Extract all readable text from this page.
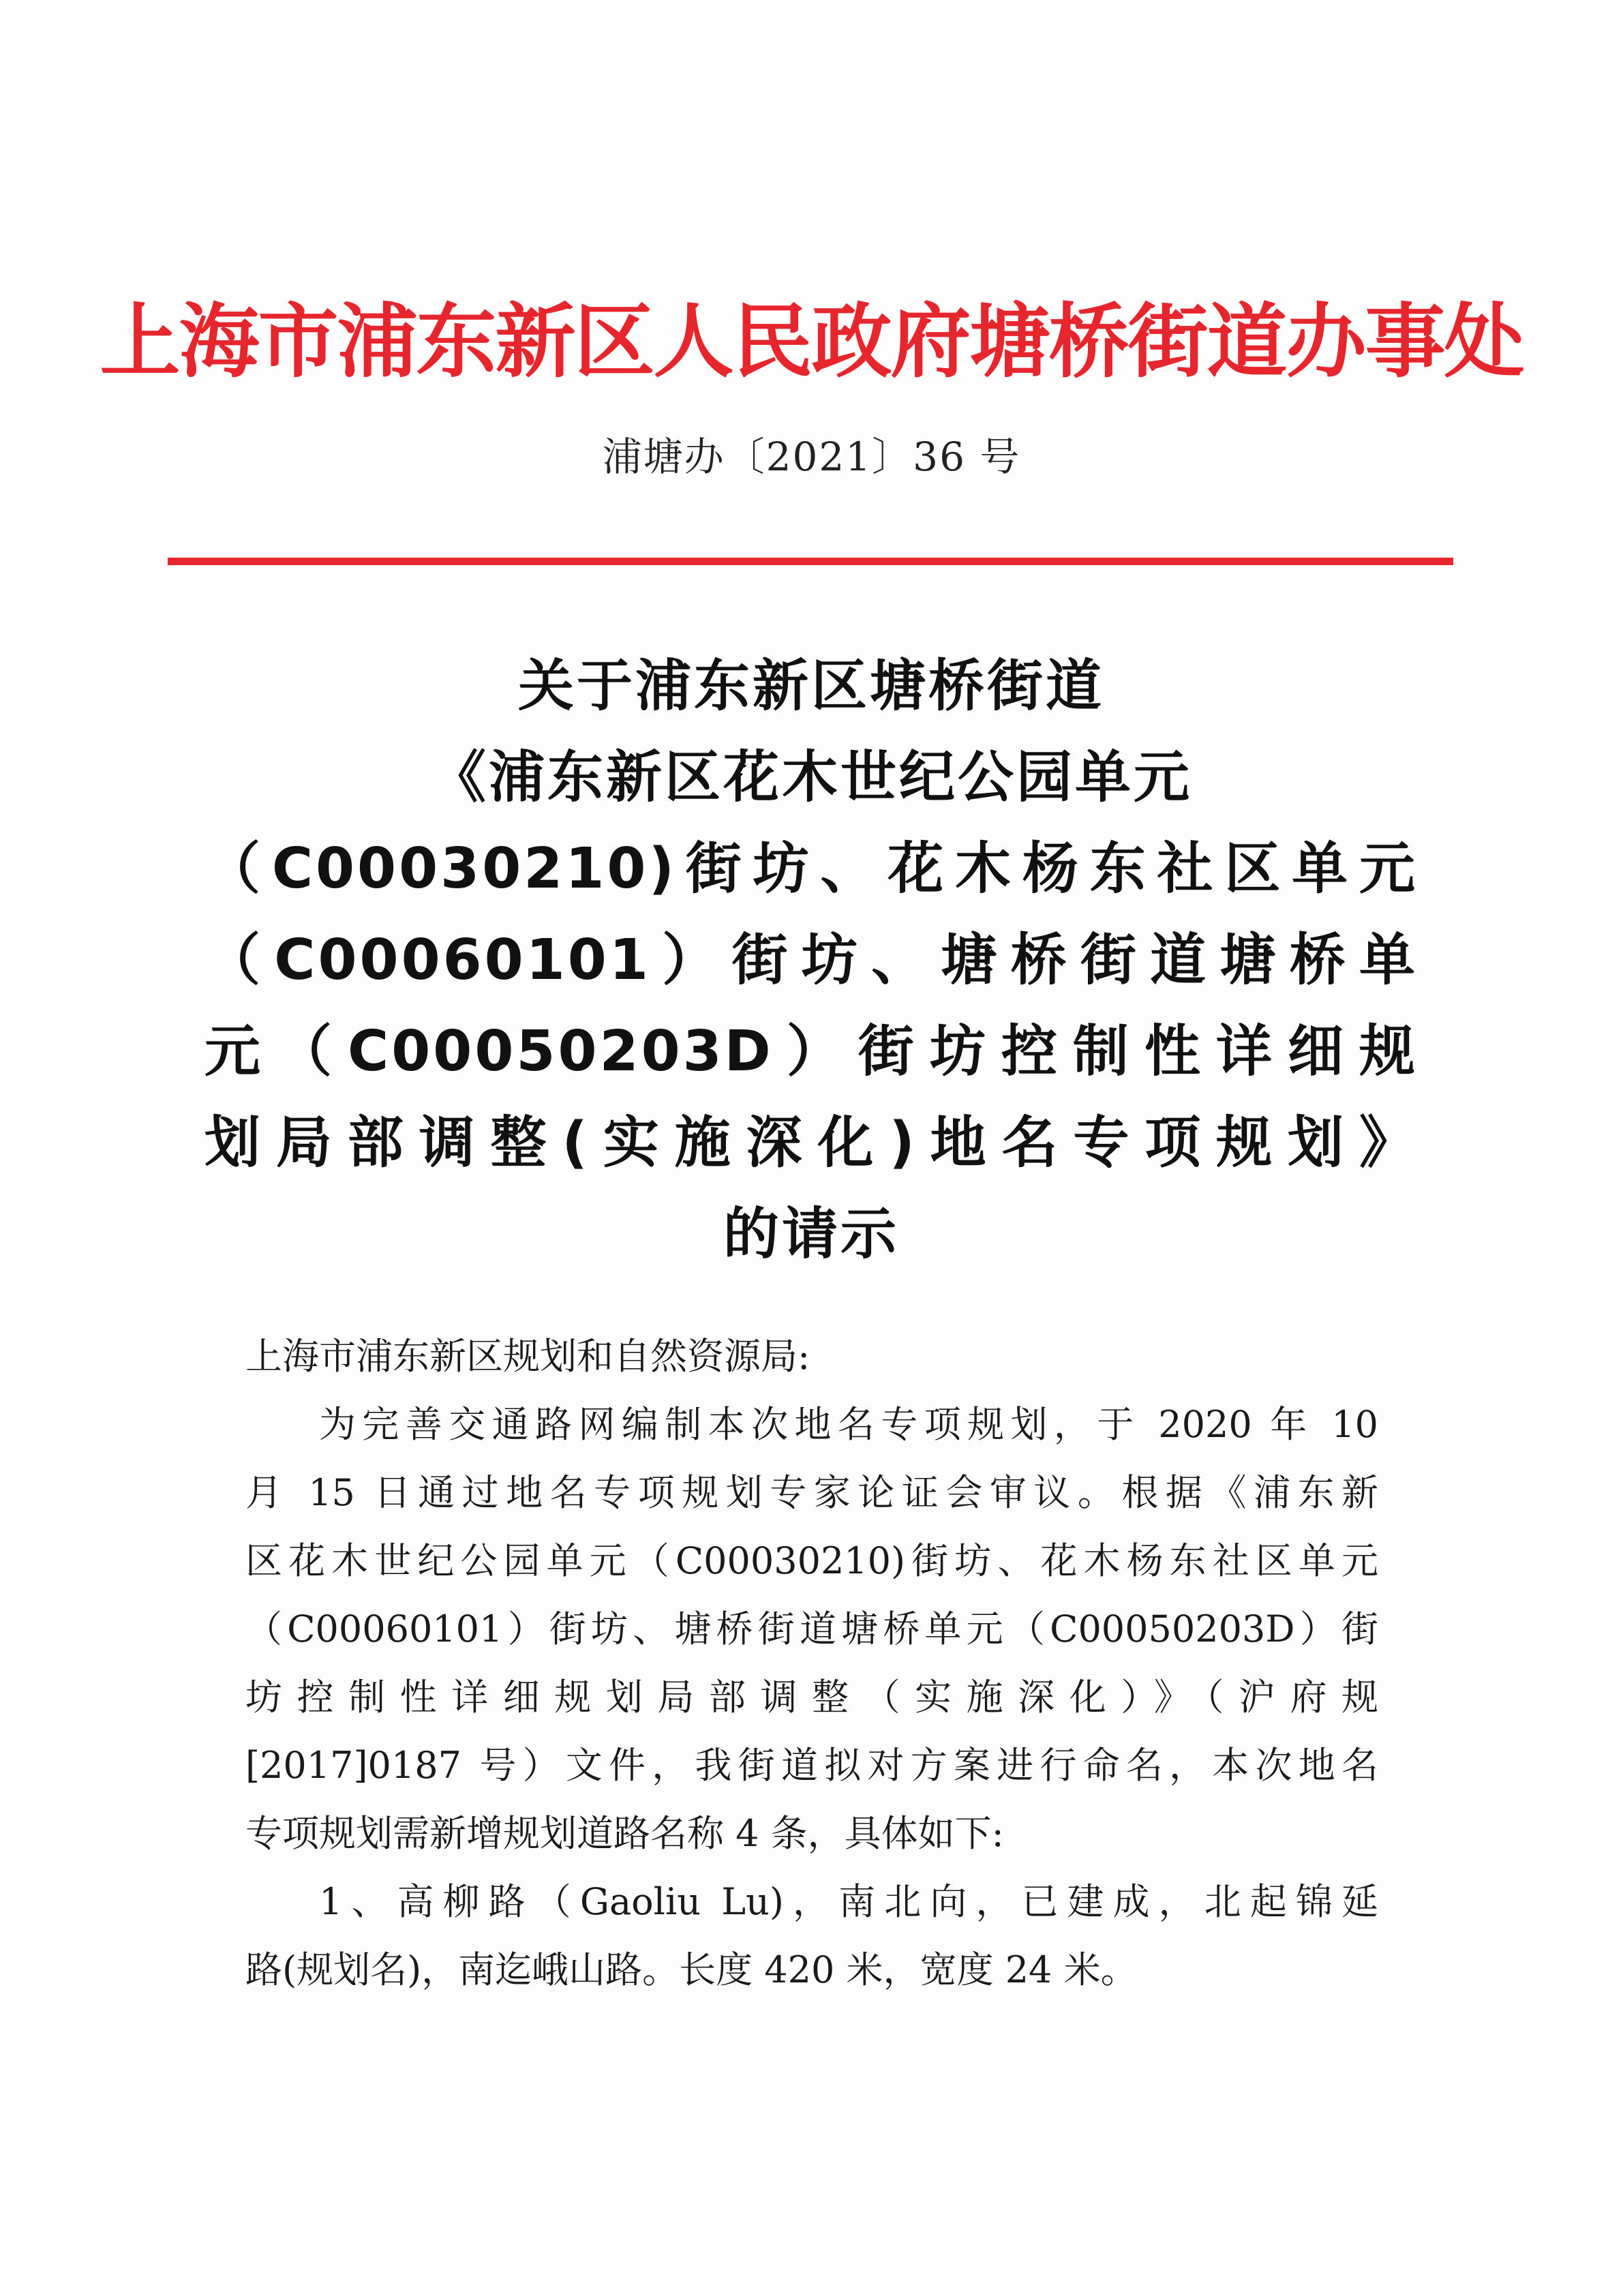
上海市浦东新区人民政府塘桥街道办事处
浦塘办〔2021〕36 号
关于浦东新区塘桥街道
《浦东新区花木世纪公园单元
（C00030210)街坊、花木杨东社区单元
（C00060101）街坊、塘桥街道塘桥单
元（C00050203D）街坊控制性详细规
划局部调整(实施深化)地名专项规划》
的请示
上海市浦东新区规划和自然资源局:
为完善交通路网编制本次地名专项规划，于 2020 年 10
月 15 日通过地名专项规划专家论证会审议。根据《浦东新
区花木世纪公园单元（C00030210)街坊、花木杨东社区单元
（C00060101）街坊、塘桥街道塘桥单元（C00050203D）街
坊控制性详细规划局部调整（实施深化）》（沪府规
[2017]0187 号）文件，我街道拟对方案进行命名，本次地名
专项规划需新增规划道路名称 4 条，具体如下:
1、高柳路（Gaoliu Lu)，南北向，已建成，北起锦延
路(规划名)，南迄峨山路。长度 420 米，宽度 24 米。
